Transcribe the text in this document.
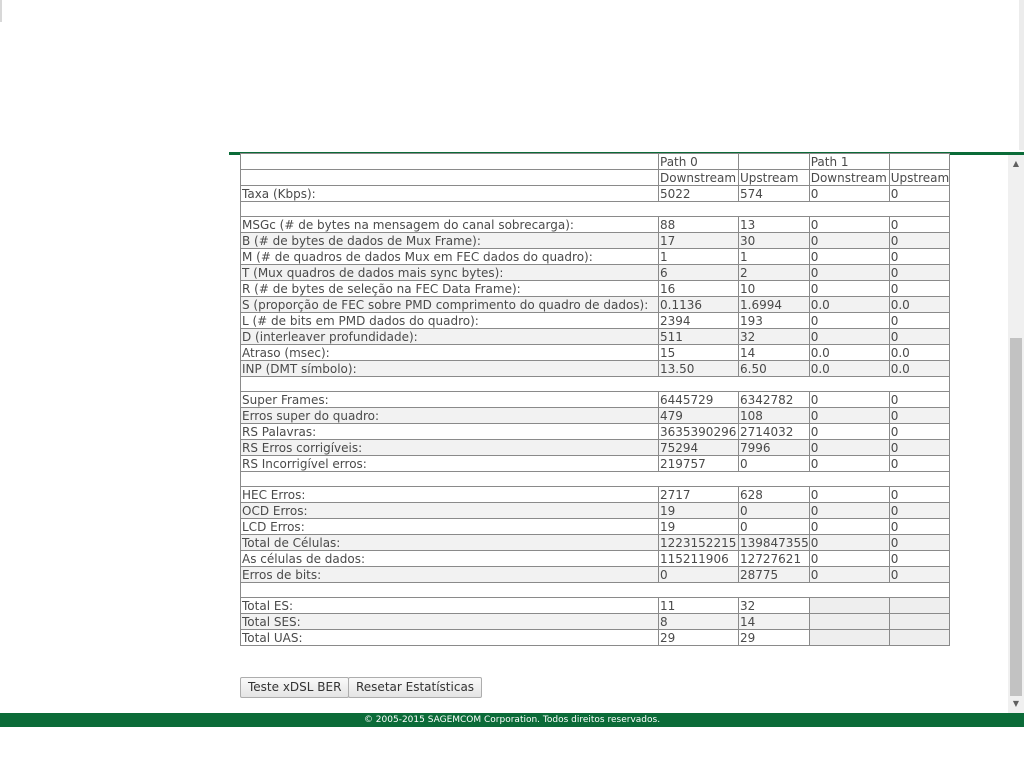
	Path 0		Path 1	
	Downstream	Upstream	Downstream	Upstream
Taxa (Kbps):	5022	574	0	0

MSGc (# de bytes na mensagem do canal sobrecarga):	88	13	0	0
B (# de bytes de dados de Mux Frame):	17	30	0	0
M (# de quadros de dados Mux em FEC dados do quadro):	1	1	0	0
T (Mux quadros de dados mais sync bytes):	6	2	0	0
R (# de bytes de seleção na FEC Data Frame):	16	10	0	0
S (proporção de FEC sobre PMD comprimento do quadro de dados):	0.1136	1.6994	0.0	0.0
L (# de bits em PMD dados do quadro):	2394	193	0	0
D (interleaver profundidade):	511	32	0	0
Atraso (msec):	15	14	0.0	0.0
INP (DMT símbolo):	13.50	6.50	0.0	0.0

Super Frames:	6445729	6342782	0	0
Erros super do quadro:	479	108	0	0
RS Palavras:	3635390296	2714032	0	0
RS Erros corrigíveis:	75294	7996	0	0
RS Incorrigível erros:	219757	0	0	0

HEC Erros:	2717	628	0	0
OCD Erros:	19	0	0	0
LCD Erros:	19	0	0	0
Total de Células:	1223152215	139847355	0	0
As células de dados:	115211906	12727621	0	0
Erros de bits:	0	28775	0	0

Total ES:	11	32		
Total SES:	8	14		
Total UAS:	29	29		
Teste xDSL BER	Resetar Estatísticas
▲
▼
© 2005-2015 SAGEMCOM Corporation. Todos direitos reservados.
